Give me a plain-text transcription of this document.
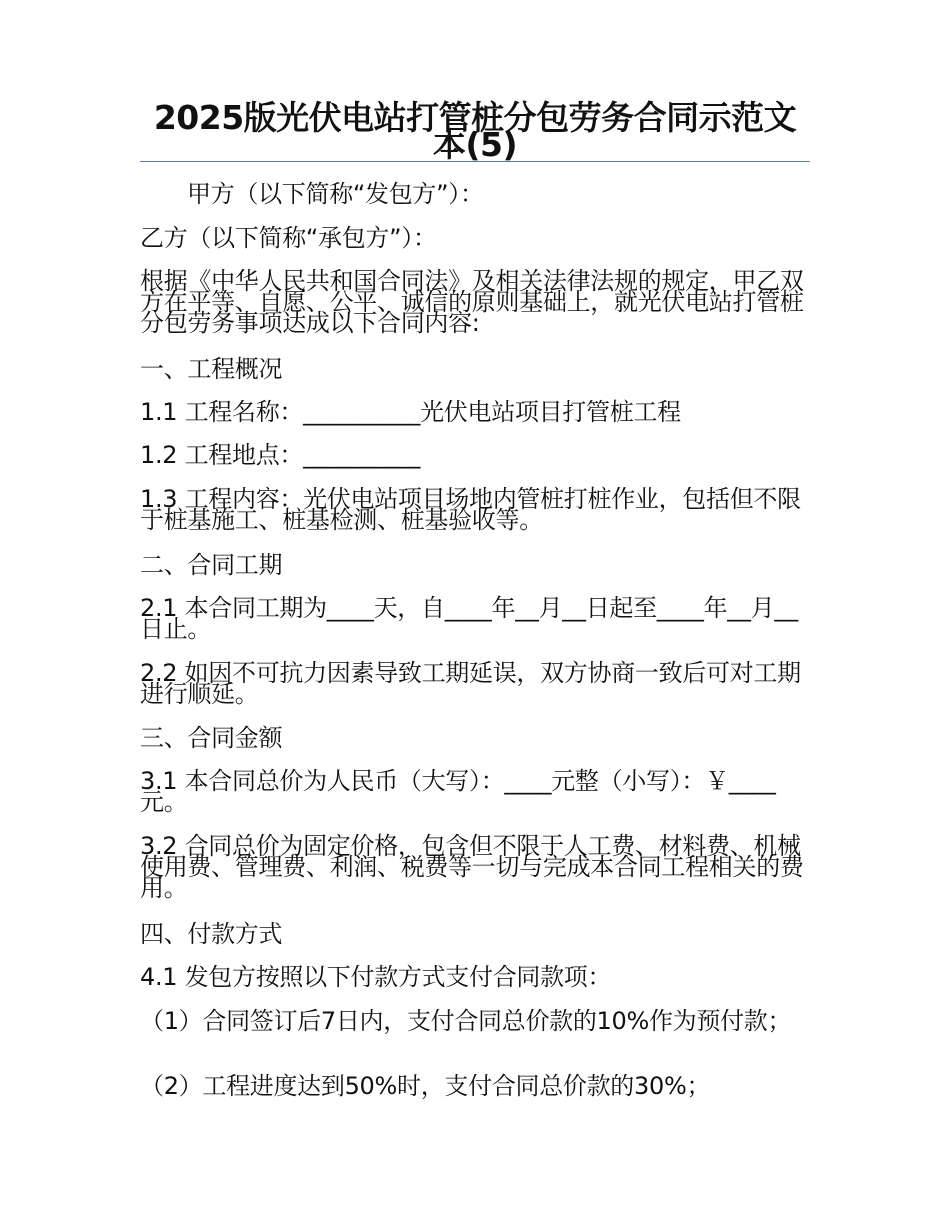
2025版光伏电站打管桩分包劳务合同示范文本(5)

甲方（以下简称“发包方”）：

乙方（以下简称“承包方”）：

根据《中华人民共和国合同法》及相关法律法规的规定，甲乙双方在平等、自愿、公平、诚信的原则基础上，就光伏电站打管桩分包劳务事项达成以下合同内容:

一、工程概况

1.1 工程名称：__________光伏电站项目打管桩工程

1.2 工程地点：__________

1.3 工程内容：光伏电站项目场地内管桩打桩作业，包括但不限于桩基施工、桩基检测、桩基验收等。

二、合同工期

2.1 本合同工期为____天，自____年__月__日起至____年__月__日止。

2.2 如因不可抗力因素导致工期延误，双方协商一致后可对工期进行顺延。

三、合同金额

3.1 本合同总价为人民币（大写）：____元整（小写）：￥____元。

3.2 合同总价为固定价格，包含但不限于人工费、材料费、机械使用费、管理费、利润、税费等一切与完成本合同工程相关的费用。

四、付款方式

4.1 发包方按照以下付款方式支付合同款项：

（1）合同签订后7日内，支付合同总价款的10%作为预付款；

（2）工程进度达到50%时，支付合同总价款的30%；
